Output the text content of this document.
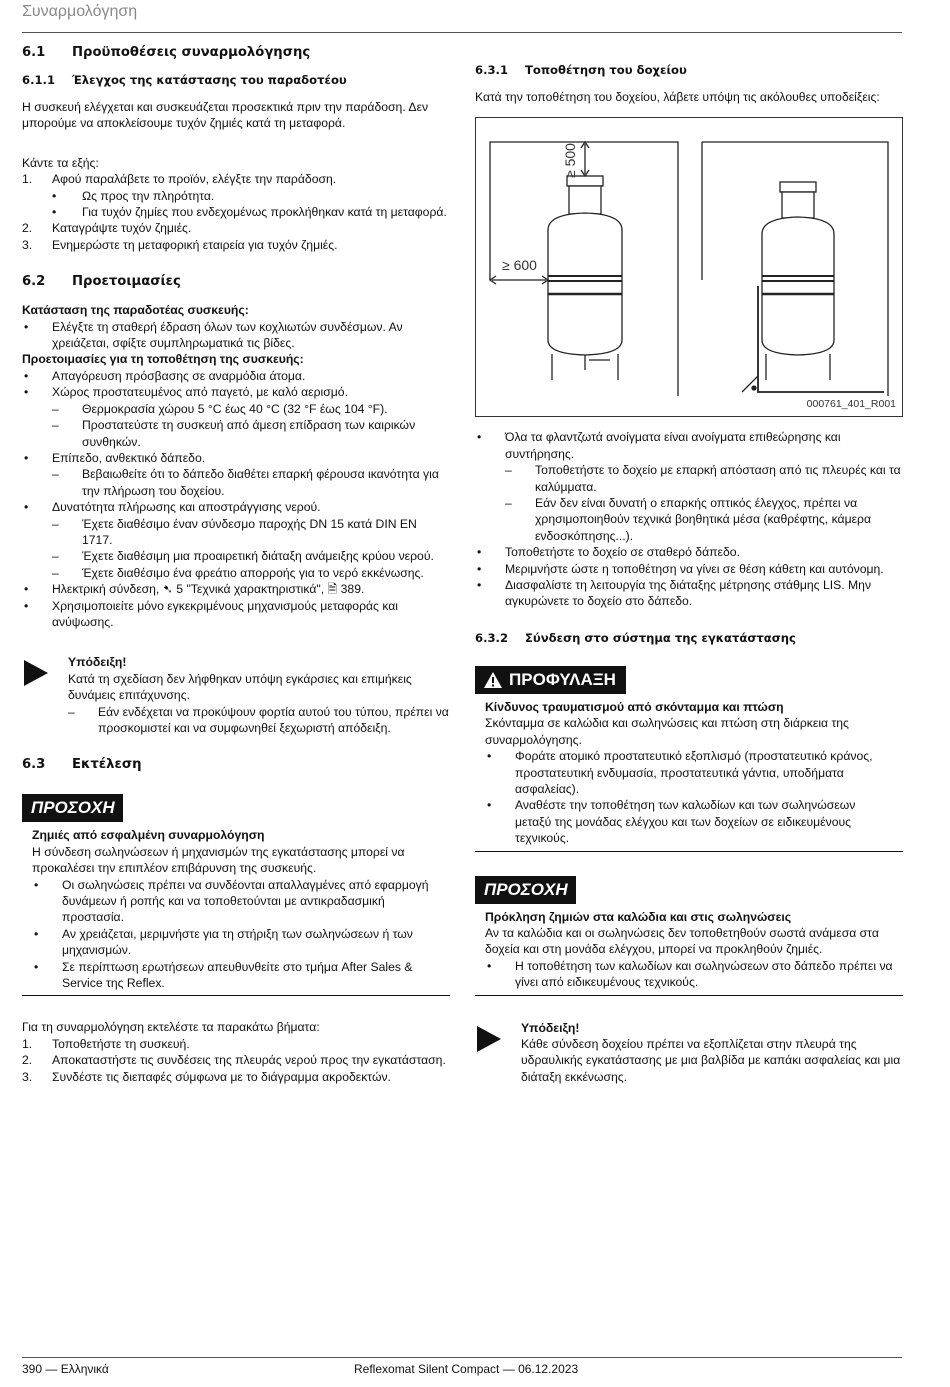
Συναρμολόγηση
6.1 Προϋποθέσεις συναρμολόγησης
6.1.1 Έλεγχος της κατάστασης του παραδοτέου

Η συσκευή ελέγχεται και συσκευάζεται προσεκτικά πριν την παράδοση. Δεν μπορούμε να αποκλείσουμε τυχόν ζημιές κατά τη μεταφορά.

Κάντε τα εξής:

1. Αφού παραλάβετε το προϊόν, ελέγξτε την παράδοση.
• Ως προς την πληρότητα.
• Για τυχόν ζημίες που ενδεχομένως προκλήθηκαν κατά τη μεταφορά.
2. Καταγράψτε τυχόν ζημιές.
3. Ενημερώστε τη μεταφορική εταιρεία για τυχόν ζημιές.
6.2 Προετοιμασίες

Κατάσταση της παραδοτέας συσκευής:

• Ελέγξτε τη σταθερή έδραση όλων των κοχλιωτών συνδέσμων. Αν χρειάζεται, σφίξτε συμπληρωματικά τις βίδες.

Προετοιμασίες για τη τοποθέτηση της συσκευής:

• Απαγόρευση πρόσβασης σε αναρμόδια άτομα.
• Χώρος προστατευμένος από παγετό, με καλό αερισμό.
– Θερμοκρασία χώρου 5 °C έως 40 °C (32 °F έως 104 °F).
– Προστατεύστε τη συσκευή από άμεση επίδραση των καιρικών συνθηκών.
• Επίπεδο, ανθεκτικό δάπεδο.
– Βεβαιωθείτε ότι το δάπεδο διαθέτει επαρκή φέρουσα ικανότητα για την πλήρωση του δοχείου.
• Δυνατότητα πλήρωσης και αποστράγγισης νερού.
– Έχετε διαθέσιμο έναν σύνδεσμο παροχής DN 15 κατά DIN EN 1717.
– Έχετε διαθέσιμη μια προαιρετική διάταξη ανάμειξης κρύου νερού.
– Έχετε διαθέσιμο ένα φρεάτιο απορροής για το νερό εκκένωσης.
• Ηλεκτρική σύνδεση, ➷ 5 "Τεχνικά χαρακτηριστικά", 🗎 389.
• Χρησιμοποιείτε μόνο εγκεκριμένους μηχανισμούς μεταφοράς και ανύψωσης.

Υπόδειξη!

Κατά τη σχεδίαση δεν λήφθηκαν υπόψη εγκάρσιες και επιμήκεις δυνάμεις επιτάχυνσης.

– Εάν ενδέχεται να προκύψουν φορτία αυτού του τύπου, πρέπει να προσκομιστεί και να συμφωνηθεί ξεχωριστή απόδειξη.
6.3 Εκτέλεση
ΠΡΟΣΟΧΗ

Ζημιές από εσφαλμένη συναρμολόγηση

Η σύνδεση σωληνώσεων ή μηχανισμών της εγκατάστασης μπορεί να προκαλέσει την επιπλέον επιβάρυνση της συσκευής.

• Οι σωληνώσεις πρέπει να συνδέονται απαλλαγμένες από εφαρμογή δυνάμεων ή ροπής και να τοποθετούνται με αντικραδασμική προστασία.
• Αν χρειάζεται, μεριμνήστε για τη στήριξη των σωληνώσεων ή των μηχανισμών.
• Σε περίπτωση ερωτήσεων απευθυνθείτε στο τμήμα After Sales & Service της Reflex.

Για τη συναρμολόγηση εκτελέστε τα παρακάτω βήματα:

1. Τοποθετήστε τη συσκευή.
2. Αποκαταστήστε τις συνδέσεις της πλευράς νερού προς την εγκατάσταση.
3. Συνδέστε τις διεπαφές σύμφωνα με το διάγραμμα ακροδεκτών.
6.3.1 Τοποθέτηση του δοχείου

Κατά την τοποθέτηση του δοχείου, λάβετε υπόψη τις ακόλουθες υποδείξεις:

≥ 500
≥ 600
000761_401_R001
• Όλα τα φλαντζωτά ανοίγματα είναι ανοίγματα επιθεώρησης και συντήρησης.
– Τοποθετήστε το δοχείο με επαρκή απόσταση από τις πλευρές και τα καλύμματα.
– Εάν δεν είναι δυνατή ο επαρκής οπτικός έλεγχος, πρέπει να χρησιμοποιηθούν τεχνικά βοηθητικά μέσα (καθρέφτης, κάμερα ενδοσκόπησης...).
• Τοποθετήστε το δοχείο σε σταθερό δάπεδο.
• Μεριμνήστε ώστε η τοποθέτηση να γίνει σε θέση κάθετη και αυτόνομη.
• Διασφαλίστε τη λειτουργία της διάταξης μέτρησης στάθμης LIS. Μην αγκυρώνετε το δοχείο στο δάπεδο.
6.3.2 Σύνδεση στο σύστημα της εγκατάστασης
ΠΡΟΦΥΛΑΞΗ

Κίνδυνος τραυματισμού από σκόνταμμα και πτώση

Σκόνταμμα σε καλώδια και σωληνώσεις και πτώση στη διάρκεια της συναρμολόγησης.

• Φοράτε ατομικό προστατευτικό εξοπλισμό (προστατευτικό κράνος, προστατευτική ενδυμασία, προστατευτικά γάντια, υποδήματα ασφαλείας).
• Αναθέστε την τοποθέτηση των καλωδίων και των σωληνώσεων μεταξύ της μονάδας ελέγχου και των δοχείων σε ειδικευμένους τεχνικούς.
ΠΡΟΣΟΧΗ

Πρόκληση ζημιών στα καλώδια και στις σωληνώσεις

Αν τα καλώδια και οι σωληνώσεις δεν τοποθετηθούν σωστά ανάμεσα στα δοχεία και στη μονάδα ελέγχου, μπορεί να προκληθούν ζημιές.

• Η τοποθέτηση των καλωδίων και σωληνώσεων στο δάπεδο πρέπει να γίνει από ειδικευμένους τεχνικούς.

Υπόδειξη!

Κάθε σύνδεση δοχείου πρέπει να εξοπλίζεται στην πλευρά της υδραυλικής εγκατάστασης με μια βαλβίδα με καπάκι ασφαλείας και μια διάταξη εκκένωσης.

390 — Ελληνικά	Reflexomat Silent Compact — 06.12.2023
